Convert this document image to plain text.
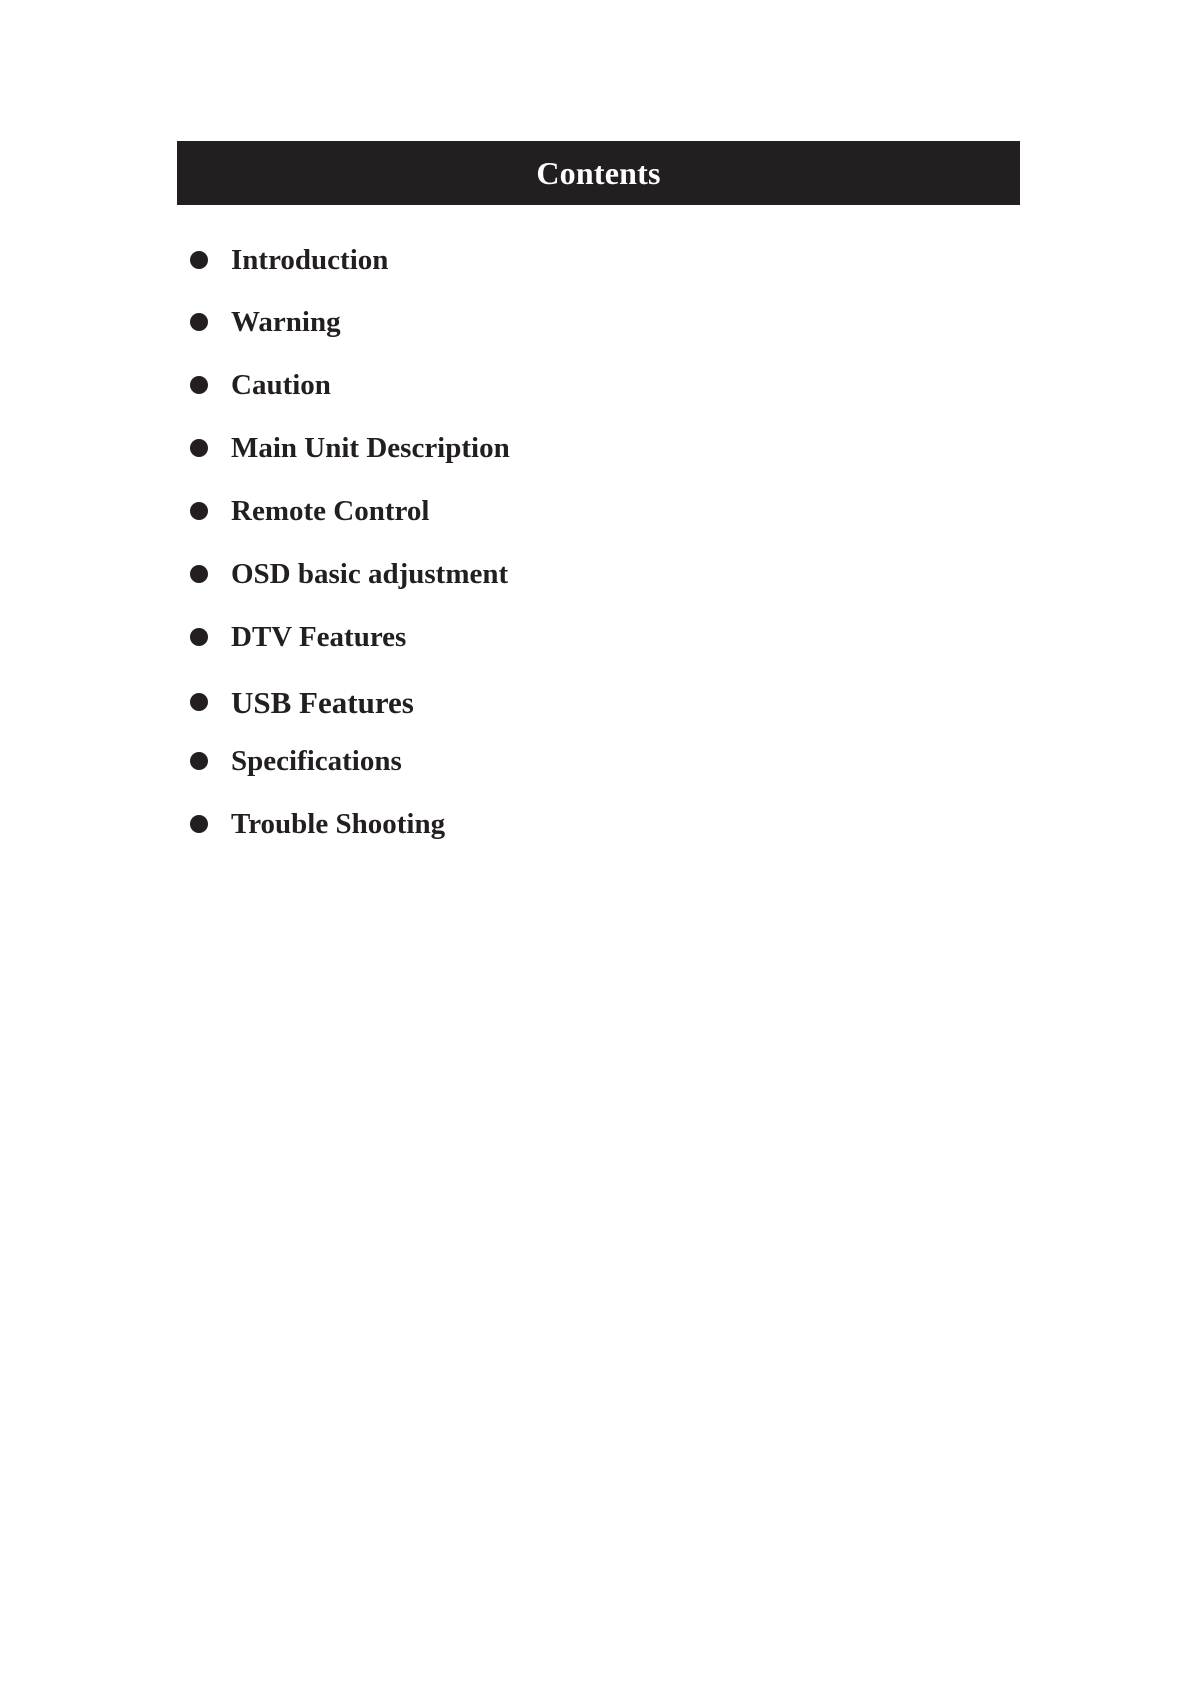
Contents
Introduction
Warning
Caution
Main Unit Description
Remote Control
OSD basic adjustment
DTV Features
USB Features
Specifications
Trouble Shooting
